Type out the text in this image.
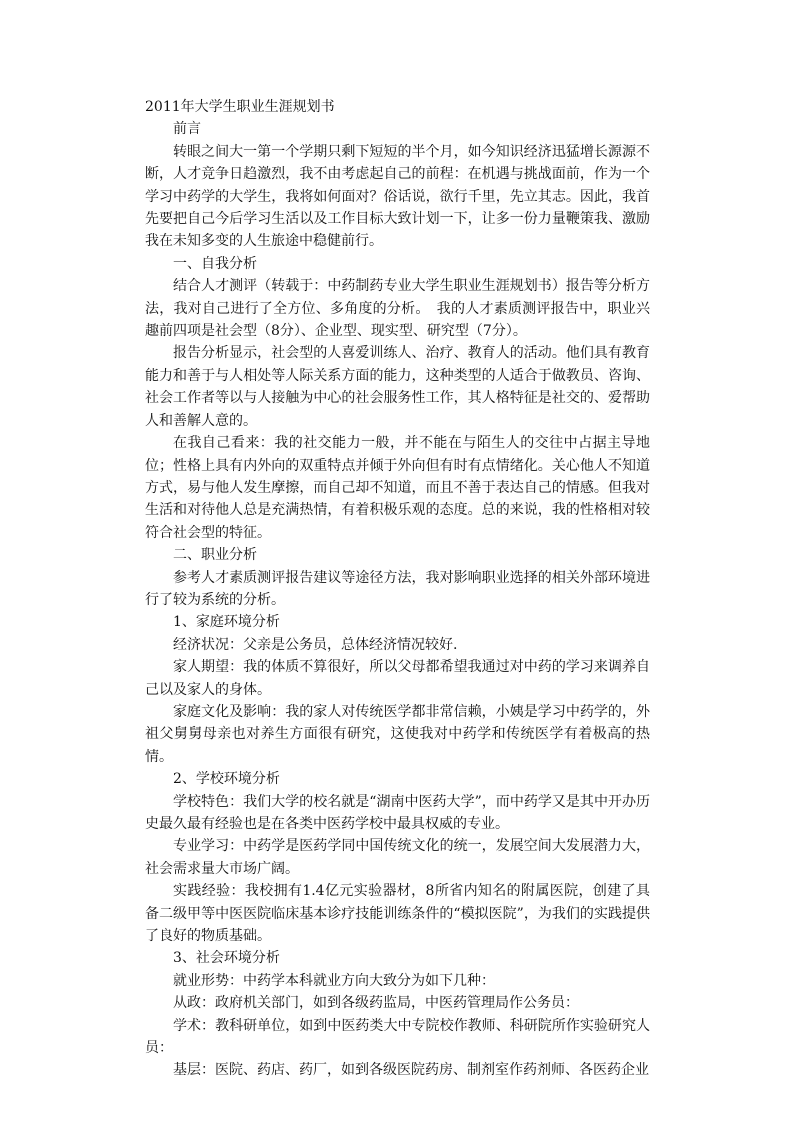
2011年大学生职业生涯规划书
前言

转眼之间大一第一个学期只剩下短短的半个月，如今知识经济迅猛增长源源不断，人才竞争日趋激烈，我不由考虑起自己的前程：在机遇与挑战面前，作为一个学习中药学的大学生，我将如何面对？俗话说，欲行千里，先立其志。因此，我首先要把自己今后学习生活以及工作目标大致计划一下，让多一份力量鞭策我、激励我在未知多变的人生旅途中稳健前行。

一、自我分析

结合人才测评（转载于：中药制药专业大学生职业生涯规划书）报告等分析方法，我对自己进行了全方位、多角度的分析。　我的人才素质测评报告中，职业兴趣前四项是社会型（8分）、企业型、现实型、研究型（7分）。

报告分析显示，社会型的人喜爱训练人、治疗、教育人的活动。他们具有教育能力和善于与人相处等人际关系方面的能力，这种类型的人适合于做教员、咨询、社会工作者等以与人接触为中心的社会服务性工作，其人格特征是社交的、爱帮助人和善解人意的。

在我自己看来：我的社交能力一般，并不能在与陌生人的交往中占据主导地位；性格上具有内外向的双重特点并倾于外向但有时有点情绪化。关心他人不知道方式，易与他人发生摩擦，而自己却不知道，而且不善于表达自己的情感。但我对生活和对待他人总是充满热情，有着积极乐观的态度。总的来说，我的性格相对较符合社会型的特征。

二、职业分析

参考人才素质测评报告建议等途径方法，我对影响职业选择的相关外部环境进行了较为系统的分析。

1、家庭环境分析

经济状况：父亲是公务员，总体经济情况较好.

家人期望：我的体质不算很好，所以父母都希望我通过对中药的学习来调养自己以及家人的身体。

家庭文化及影响：我的家人对传统医学都非常信赖，小姨是学习中药学的，外祖父舅舅母亲也对养生方面很有研究，这使我对中药学和传统医学有着极高的热情。

2、学校环境分析

学校特色：我们大学的校名就是“湖南中医药大学”，而中药学又是其中开办历史最久最有经验也是在各类中医药学校中最具权威的专业。

专业学习：中药学是医药学同中国传统文化的统一，发展空间大发展潜力大，社会需求量大市场广阔。

实践经验：我校拥有1.4亿元实验器材，8所省内知名的附属医院，创建了具备二级甲等中医医院临床基本诊疗技能训练条件的“模拟医院”，为我们的实践提供了良好的物质基础。

3、社会环境分析

就业形势：中药学本科就业方向大致分为如下几种：

从政：政府机关部门，如到各级药监局，中医药管理局作公务员：

学术：教科研单位，如到中医药类大中专院校作教师、科研院所作实验研究人员：

基层：医院、药店、药厂，如到各级医院药房、制剂室作药剂师、各医药企业
